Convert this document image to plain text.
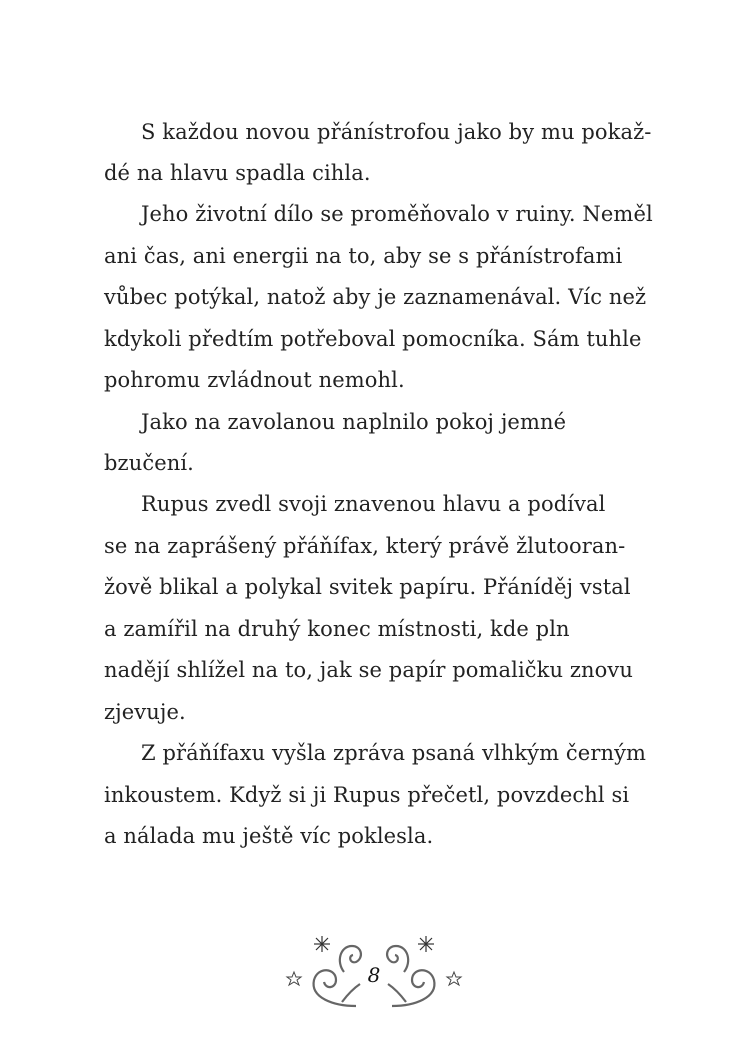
S každou novou přánístrofou jako by mu pokaž-
dé na hlavu spadla cihla.
Jeho životní dílo se proměňovalo v ruiny. Neměl
ani čas, ani energii na to, aby se s přánístrofami
vůbec potýkal, natož aby je zaznamenával. Víc než
kdykoli předtím potřeboval pomocníka. Sám tuhle
pohromu zvládnout nemohl.
Jako na zavolanou naplnilo pokoj jemné
bzučení.
Rupus zvedl svoji znavenou hlavu a podíval
se na zaprášený přáňífax, který právě žlutooran-
žově blikal a polykal svitek papíru. Přáníděj vstal
a zamířil na druhý konec místnosti, kde pln
nadějí shlížel na to, jak se papír pomaličku znovu
zjevuje.
Z přáňífaxu vyšla zpráva psaná vlhkým černým
inkoustem. Když si ji Rupus přečetl, povzdechl si
a nálada mu ještě víc poklesla.
8
